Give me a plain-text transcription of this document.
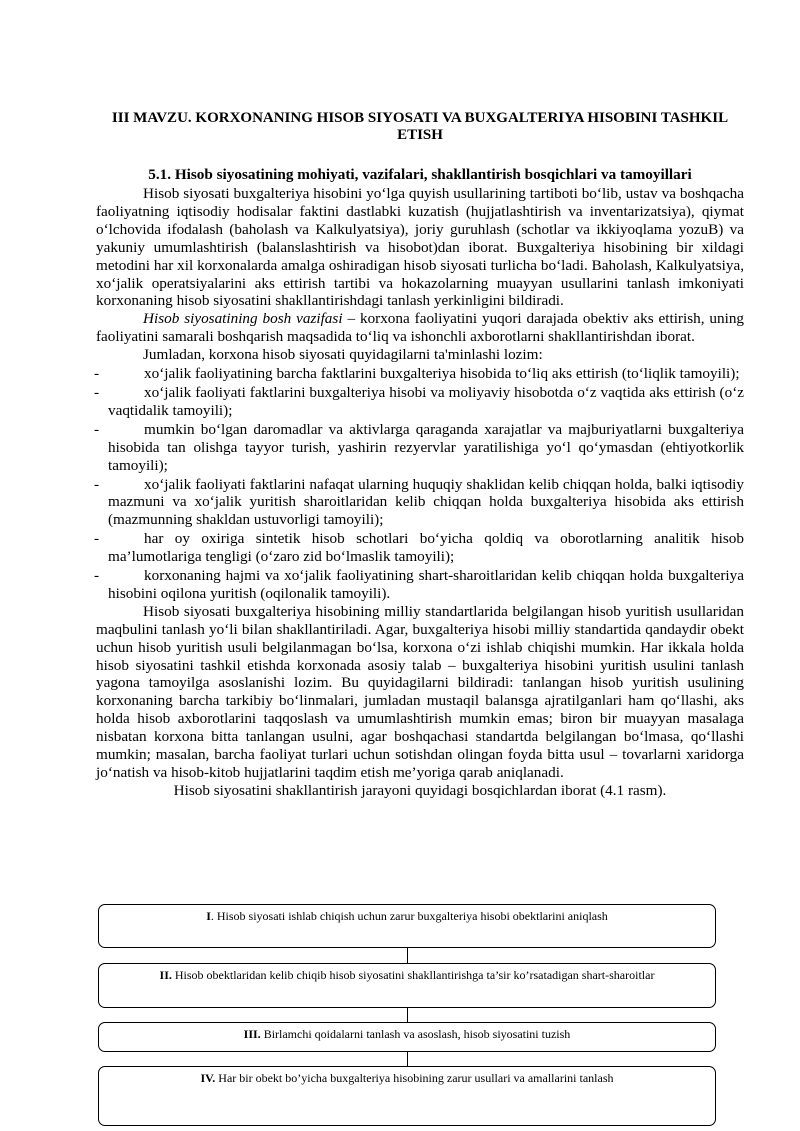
III MAVZU. KORXONANING HISOB SIYOSATI VA BUXGALTERIYA HISOBINI TASHKIL ETISH
5.1. Hisob siyosatining mohiyati, vazifalari, shakllantirish bosqichlari va tamoyillari

Hisob siyosati buxgalteriya hisobini yoʻlga quyish usullarining tartiboti boʻlib, ustav va boshqacha faoliyatning iqtisodiy hodisalar faktini dastlabki kuzatish (hujjatlashtirish va inventarizatsiya), qiymat oʻlchovida ifodalash (baholash va Kalkulyatsiya), joriy guruhlash (schotlar va ikkiyoqlama yozuB) va yakuniy umumlashtirish (balanslashtirish va hisobot)dan iborat. Buxgalteriya hisobining bir xildagi metodini har xil korxonalarda amalga oshiradigan hisob siyosati turlicha boʻladi. Baholash, Kalkulyatsiya, xoʻjalik operatsiyalarini aks ettirish tartibi va hokazolarning muayyan usullarini tanlash imkoniyati korxonaning hisob siyosatini shakllantirishdagi tanlash yerkinligini bildiradi.

Hisob siyosatining bosh vazifasi – korxona faoliyatini yuqori darajada obektiv aks ettirish, uning faoliyatini samarali boshqarish maqsadida toʻliq va ishonchli axborotlarni shakllantirishdan iborat.

Jumladan, korxona hisob siyosati quyidagilarni ta'minlashi lozim:

-	xoʻjalik faoliyatining barcha faktlarini buxgalteriya hisobida toʻliq aks ettirish (toʻliqlik tamoyili);
-	xoʻjalik faoliyati faktlarini buxgalteriya hisobi va moliyaviy hisobotda oʻz vaqtida aks ettirish (oʻz vaqtidalik tamoyili);
-	mumkin boʻlgan daromadlar va aktivlarga qaraganda xarajatlar va majburiyatlarni buxgalteriya hisobida tan olishga tayyor turish, yashirin rezyervlar yaratilishiga yoʻl qoʻymasdan (ehtiyotkorlik tamoyili);
-	xoʻjalik faoliyati faktlarini nafaqat ularning huquqiy shaklidan kelib chiqqan holda, balki iqtisodiy mazmuni va xoʻjalik yuritish sharoitlaridan kelib chiqqan holda buxgalteriya hisobida aks ettirish (mazmunning shakldan ustuvorligi tamoyili);
-	har oy oxiriga sintetik hisob schotlari boʻyicha qoldiq va oborotlarning analitik hisob ma’lumotlariga tengligi (oʻzaro zid boʻlmaslik tamoyili);
-	korxonaning hajmi va xoʻjalik faoliyatining shart-sharoitlaridan kelib chiqqan holda buxgalteriya hisobini oqilona yuritish (oqilonalik tamoyili).

Hisob siyosati buxgalteriya hisobining milliy standartlarida belgilangan hisob yuritish usullaridan maqbulini tanlash yoʻli bilan shakllantiriladi. Agar, buxgalteriya hisobi milliy standartida qandaydir obekt uchun hisob yuritish usuli belgilanmagan boʻlsa, korxona oʻzi ishlab chiqishi mumkin. Har ikkala holda hisob siyosatini tashkil etishda korxonada asosiy talab – buxgalteriya hisobini yuritish usulini tanlash yagona tamoyilga asoslanishi lozim. Bu quyidagilarni bildiradi: tanlangan hisob yuritish usulining korxonaning barcha tarkibiy boʻlinmalari, jumladan mustaqil balansga ajratilganlari ham qoʻllashi, aks holda hisob axborotlarini taqqoslash va umumlashtirish mumkin emas; biron bir muayyan masalaga nisbatan korxona bitta tanlangan usulni, agar boshqachasi standartda belgilangan boʻlmasa, qoʻllashi mumkin; masalan, barcha faoliyat turlari uchun sotishdan olingan foyda bitta usul – tovarlarni xaridorga joʻnatish va hisob-kitob hujjatlarini taqdim etish me’yoriga qarab aniqlanadi.

Hisob siyosatini shakllantirish jarayoni quyidagi bosqichlardan iborat (4.1 rasm).

I. Hisob siyosati ishlab chiqish uchun zarur buxgalteriya hisobi obektlarini aniqlash
II. Hisob obektlaridan kelib chiqib hisob siyosatini shakllantirishga ta’sir ko’rsatadigan shart-sharoitlar
III. Birlamchi qoidalarni tanlash va asoslash, hisob siyosatini tuzish
IV. Har bir obekt bo’yicha buxgalteriya hisobining zarur usullari va amallarini tanlash
